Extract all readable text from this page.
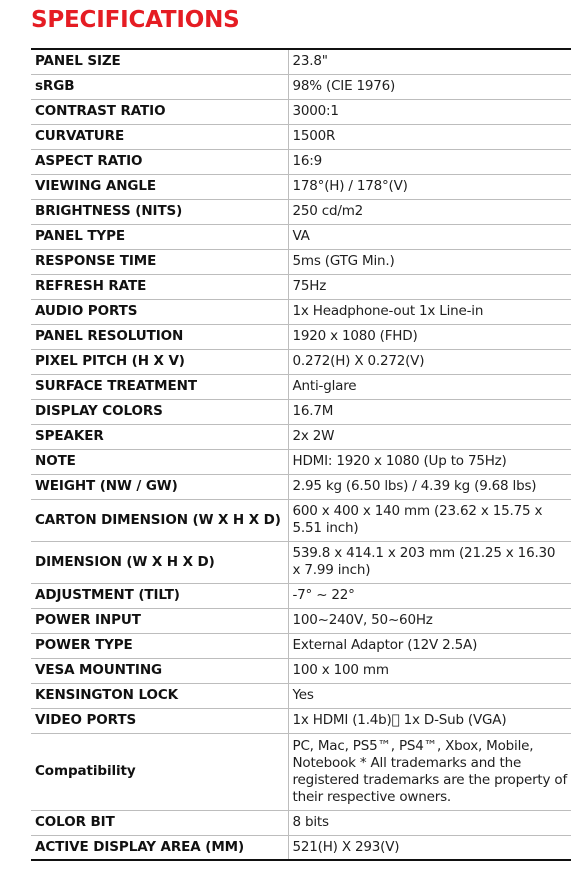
SPECIFICATIONS
PANEL SIZE	23.8"
sRGB	98% (CIE 1976)
CONTRAST RATIO	3000:1
CURVATURE	1500R
ASPECT RATIO	16:9
VIEWING ANGLE	178°(H) / 178°(V)
BRIGHTNESS (NITS)	250 cd/m2
PANEL TYPE	VA
RESPONSE TIME	5ms (GTG Min.)
REFRESH RATE	75Hz
AUDIO PORTS	1x Headphone-out 1x Line-in
PANEL RESOLUTION	1920 x 1080 (FHD)
PIXEL PITCH (H X V)	0.272(H) X 0.272(V)
SURFACE TREATMENT	Anti-glare
DISPLAY COLORS	16.7M
SPEAKER	2x 2W
NOTE	HDMI: 1920 x 1080 (Up to 75Hz)
WEIGHT (NW / GW)	2.95 kg (6.50 lbs) / 4.39 kg (9.68 lbs)
CARTON DIMENSION (W X H X D)	600 x 400 x 140 mm (23.62 x 15.75 x 5.51 inch)
DIMENSION (W X H X D)	539.8 x 414.1 x 203 mm (21.25 x 16.30 x 7.99 inch)
ADJUSTMENT (TILT)	-7° ~ 22°
POWER INPUT	100~240V, 50~60Hz
POWER TYPE	External Adaptor (12V 2.5A)
VESA MOUNTING	100 x 100 mm
KENSINGTON LOCK	Yes
VIDEO PORTS	1x HDMI (1.4b) 1x D-Sub (VGA)
Compatibility	PC, Mac, PS5™, PS4™, Xbox, Mobile, Notebook * All trademarks and the registered trademarks are the property of their respective owners.
COLOR BIT	8 bits
ACTIVE DISPLAY AREA (MM)	521(H) X 293(V)
